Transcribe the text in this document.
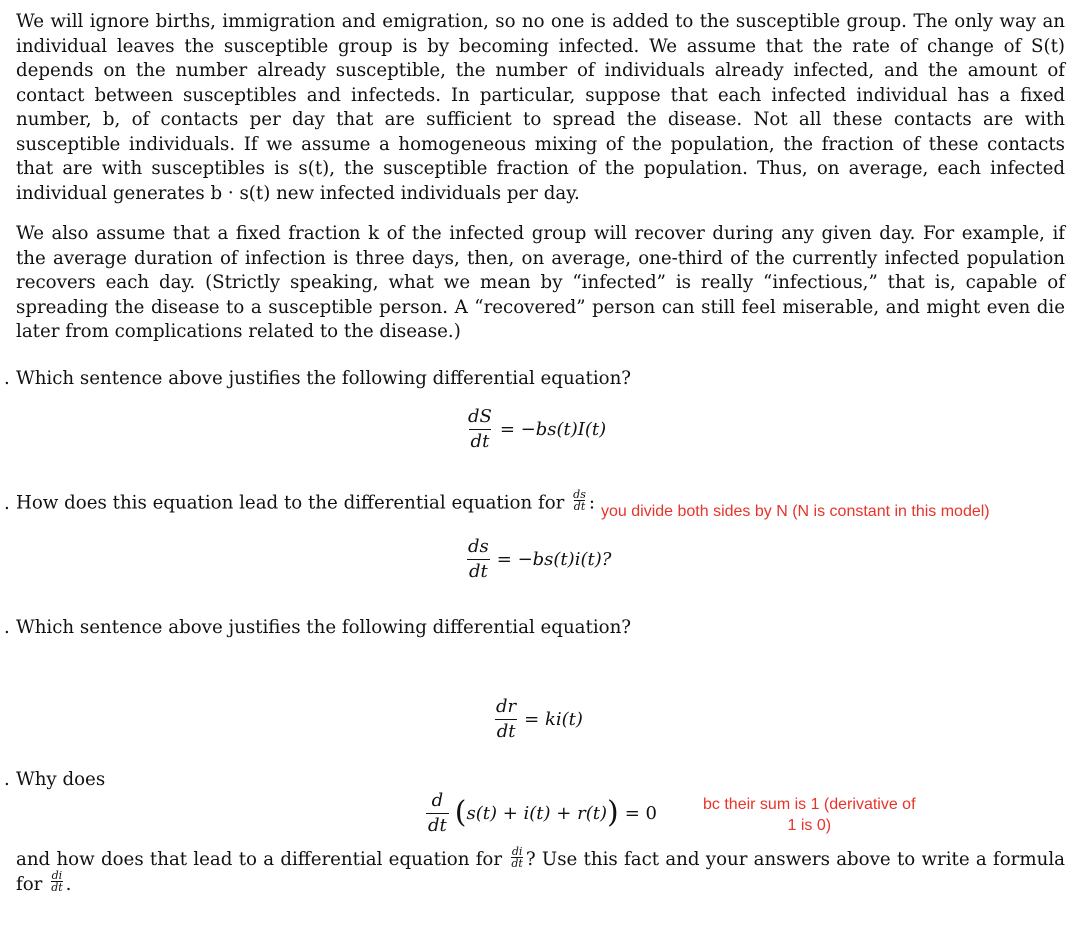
We will ignore births, immigration and emigration, so no one is added to the susceptible group. The only way an individual leaves the susceptible group is by becoming infected. We assume that the rate of change of S(t) depends on the number already susceptible, the number of individuals already infected, and the amount of contact between susceptibles and infecteds. In particular, suppose that each infected individual has a fixed number, b, of contacts per day that are sufficient to spread the disease. Not all these contacts are with susceptible individuals. If we assume a homogeneous mixing of the population, the fraction of these contacts that are with susceptibles is s(t), the susceptible fraction of the population. Thus, on average, each infected individual generates b · s(t) new infected individuals per day.

We also assume that a fixed fraction k of the infected group will recover during any given day. For example, if the average duration of infection is three days, then, on average, one-third of the currently infected population recovers each day. (Strictly speaking, what we mean by “infected” is really “infectious,” that is, capable of spreading the disease to a susceptible person. A “recovered” person can still feel miserable, and might even die later from complications related to the disease.)

. Which sentence above justifies the following differential equation?

$\frac{dS}{dt} = -bs(t)I(t)$

. How does this equation lead to the differential equation for $\frac{ds}{dt}$ : you divide both sides by N (N is constant in this model)
$\frac{ds}{dt} = -bs(t)i(t)$?

. Which sentence above justifies the following differential equation?

$\frac{dr}{dt} = ki(t)$

. Why does

$\frac{d}{dt}$ ( s(t) + i(t) + r(t) ) = 0	bc their sum is 1 (derivative of
1 is 0)

and how does that lead to a differential equation for $\frac{di}{dt}$ ? Use this fact and your answers above to write a formula for $\frac{di}{dt}$ .
